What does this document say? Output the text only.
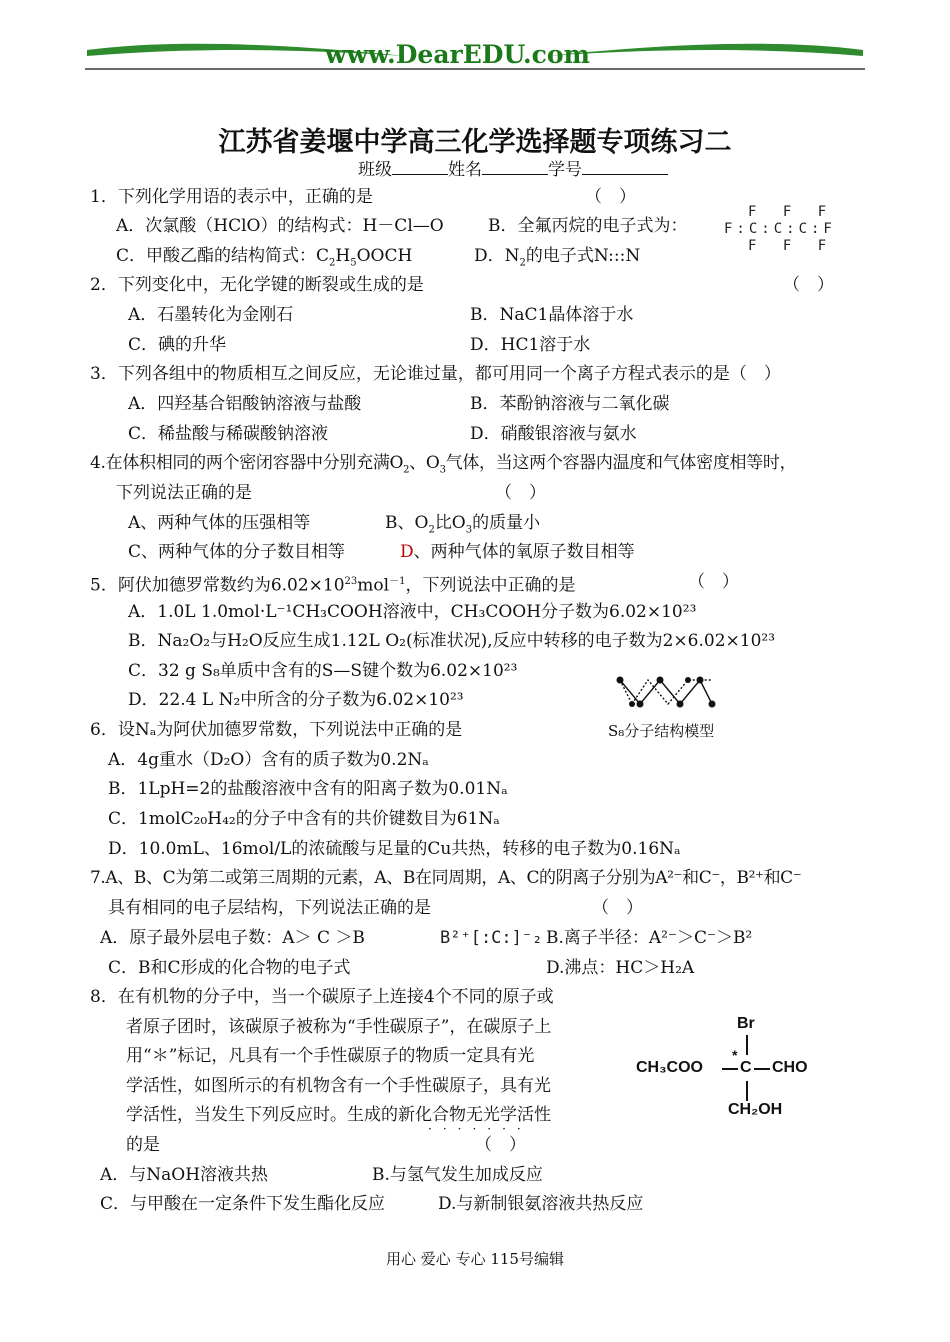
www.DearEDU.com
江苏省姜堰中学高三化学选择题专项练习二
班级	姓名	学号
1．下列化学用语的表示中，正确的是	（　）
A．次氯酸（HClO）的结构式：H－Cl—O	B．全氟丙烷的电子式为：
C．甲酸乙酯的结构简式：$C_2H_5OOCH$	D．$N_2$的电子式N:::N
F F F
F:C:C:C:F
F F F
2．下列变化中，无化学键的断裂或生成的是	（　）
A．石墨转化为金刚石	B．NaC1晶体溶于水
C．碘的升华	D．HC1溶于水
3．下列各组中的物质相互之间反应，无论谁过量，都可用同一个离子方程式表示的是（　）
A．四羟基合铝酸钠溶液与盐酸	B．苯酚钠溶液与二氧化碳
C．稀盐酸与稀碳酸钠溶液	D．硝酸银溶液与氨水
4.在体积相同的两个密闭容器中分别充满$O_2$、$O_3$气体，当这两个容器内温度和气体密度相等时，
下列说法正确的是	（　）
A、两种气体的压强相等	B、$O_2$比$O_3$的质量小
C、两种气体的分子数目相等	D、两种气体的氧原子数目相等
5．阿伏加德罗常数约为$6.02\times 10^{23}mol^{-1}$，下列说法中正确的是	（　）
A．1.0L 1.0mol·L⁻¹CH₃COOH溶液中，CH₃COOH分子数为6.02×10²³
B．Na₂O₂与H₂O反应生成1.12L O₂(标准状况),反应中转移的电子数为2×6.02×10²³
C．32 g S₈单质中含有的S—S键个数为6.02×10²³
D．22.4 L N₂中所含的分子数为6.02×10²³
S₈分子结构模型
6．设Nₐ为阿伏加德罗常数，下列说法中正确的是
A．4g重水（D₂O）含有的质子数为0.2Nₐ
B．1LpH=2的盐酸溶液中含有的阳离子数为0.01Nₐ
C．1molC₂₀H₄₂的分子中含有的共价键数目为61Nₐ
D．10.0mL、16mol/L的浓硫酸与足量的Cu共热，转移的电子数为0.16Nₐ
7.A、B、C为第二或第三周期的元素，A、B在同周期，A、C的阴离子分别为A²⁻和C⁻，B²⁺和C⁻
具有相同的电子层结构，下列说法正确的是	（　）
A．原子最外层电子数：A＞ C ＞B	B²⁺[:C:]⁻₂ B.离子半径：A²⁻＞C⁻＞B²
C．B和C形成的化合物的电子式	D.沸点：HC＞H₂A
8．在有机物的分子中，当一个碳原子上连接4个不同的原子或
者原子团时，该碳原子被称为“手性碳原子”，在碳原子上
用“＊”标记，凡具有一个手性碳原子的物质一定具有光
学活性，如图所示的有机物含有一个手性碳原子，具有光
学活性，当发生下列反应时。生成的新化合物无光学活性
·······
的是	（　）
A．与NaOH溶液共热	B.与氢气发生加成反应
C．与甲酸在一定条件下发生酯化反应	D.与新制银氨溶液共热反应
Br
CH₃COO
*
C CHO
CH₂OH
用心 爱心 专心 115号编辑
